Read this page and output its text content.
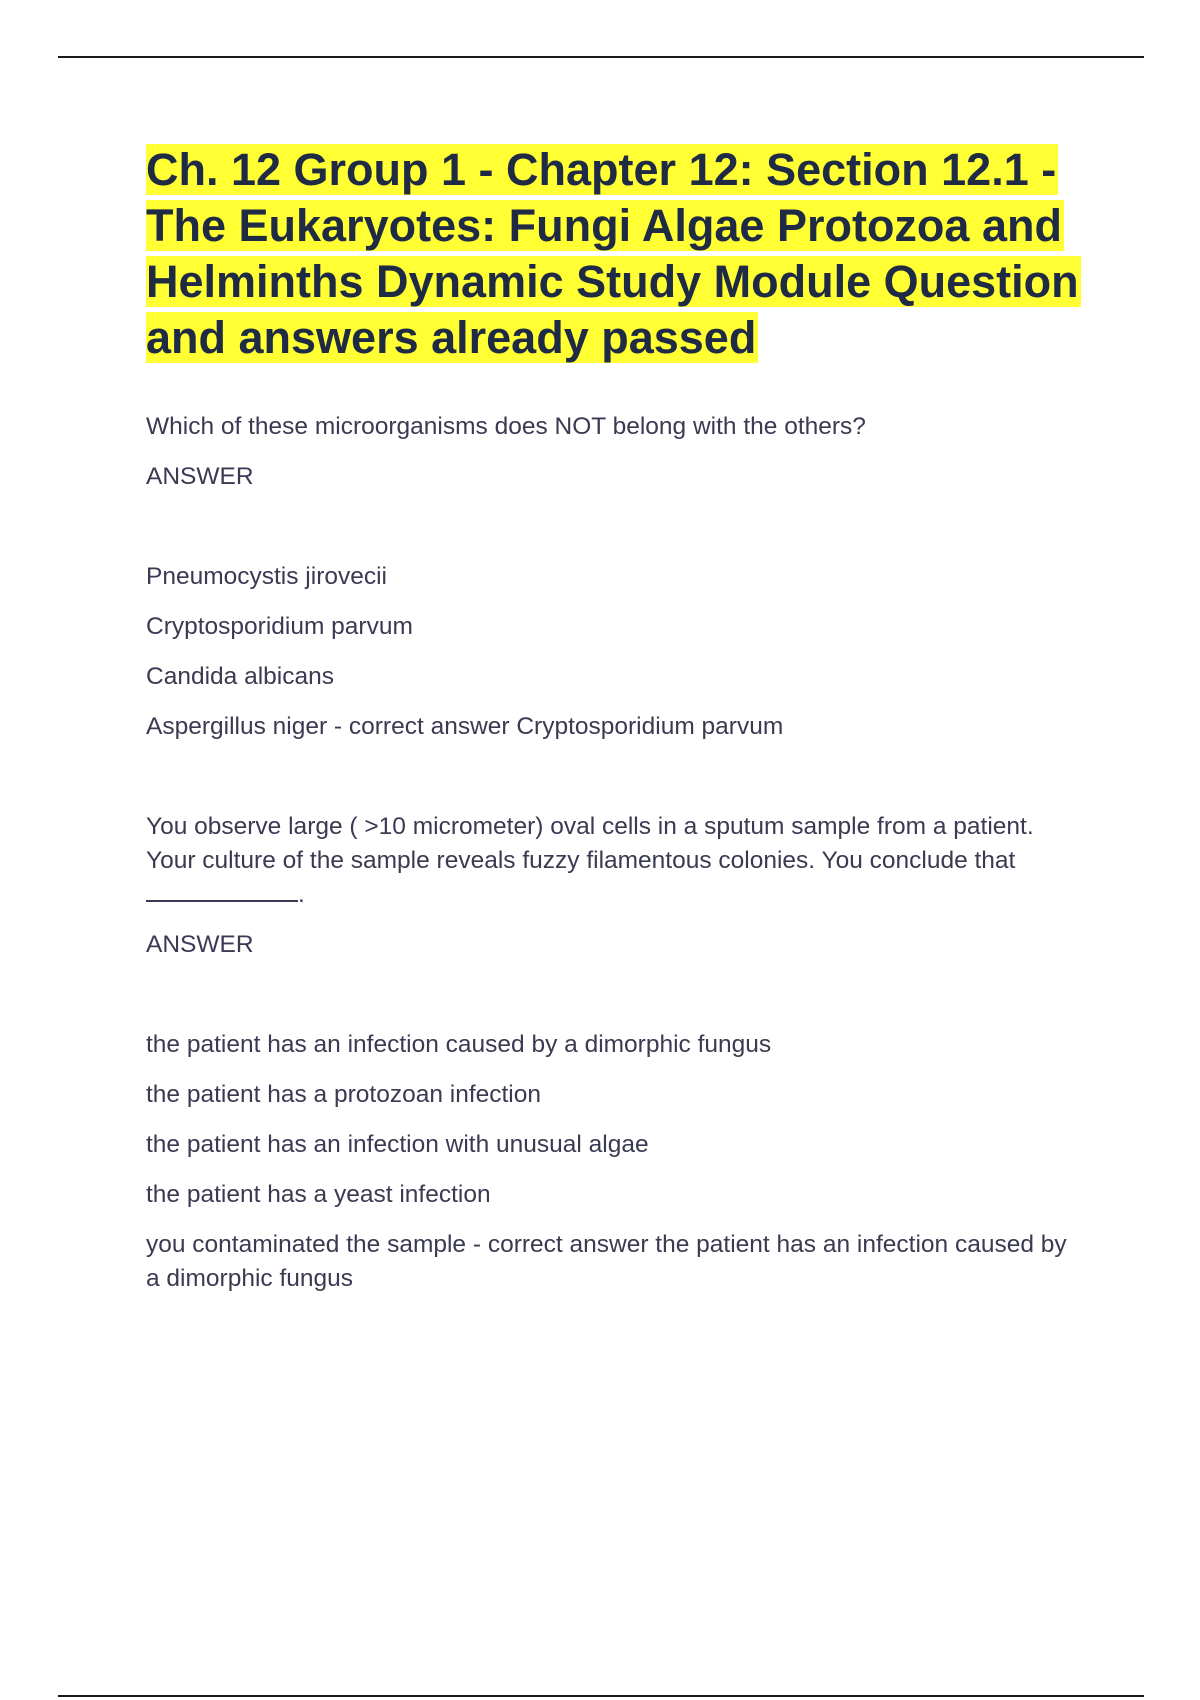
Ch. 12 Group 1 - Chapter 12: Section 12.1 - The Eukaryotes: Fungi Algae Protozoa and Helminths Dynamic Study Module Question and answers already passed

Which of these microorganisms does NOT belong with the others?

ANSWER

Pneumocystis jirovecii
Cryptosporidium parvum
Candida albicans
Aspergillus niger - correct answer Cryptosporidium parvum

You observe large ( >10 micrometer) oval cells in a sputum sample from a patient. Your culture of the sample reveals fuzzy filamentous colonies. You conclude that .

ANSWER

the patient has an infection caused by a dimorphic fungus
the patient has a protozoan infection
the patient has an infection with unusual algae
the patient has a yeast infection
you contaminated the sample - correct answer the patient has an infection caused by a dimorphic fungus
